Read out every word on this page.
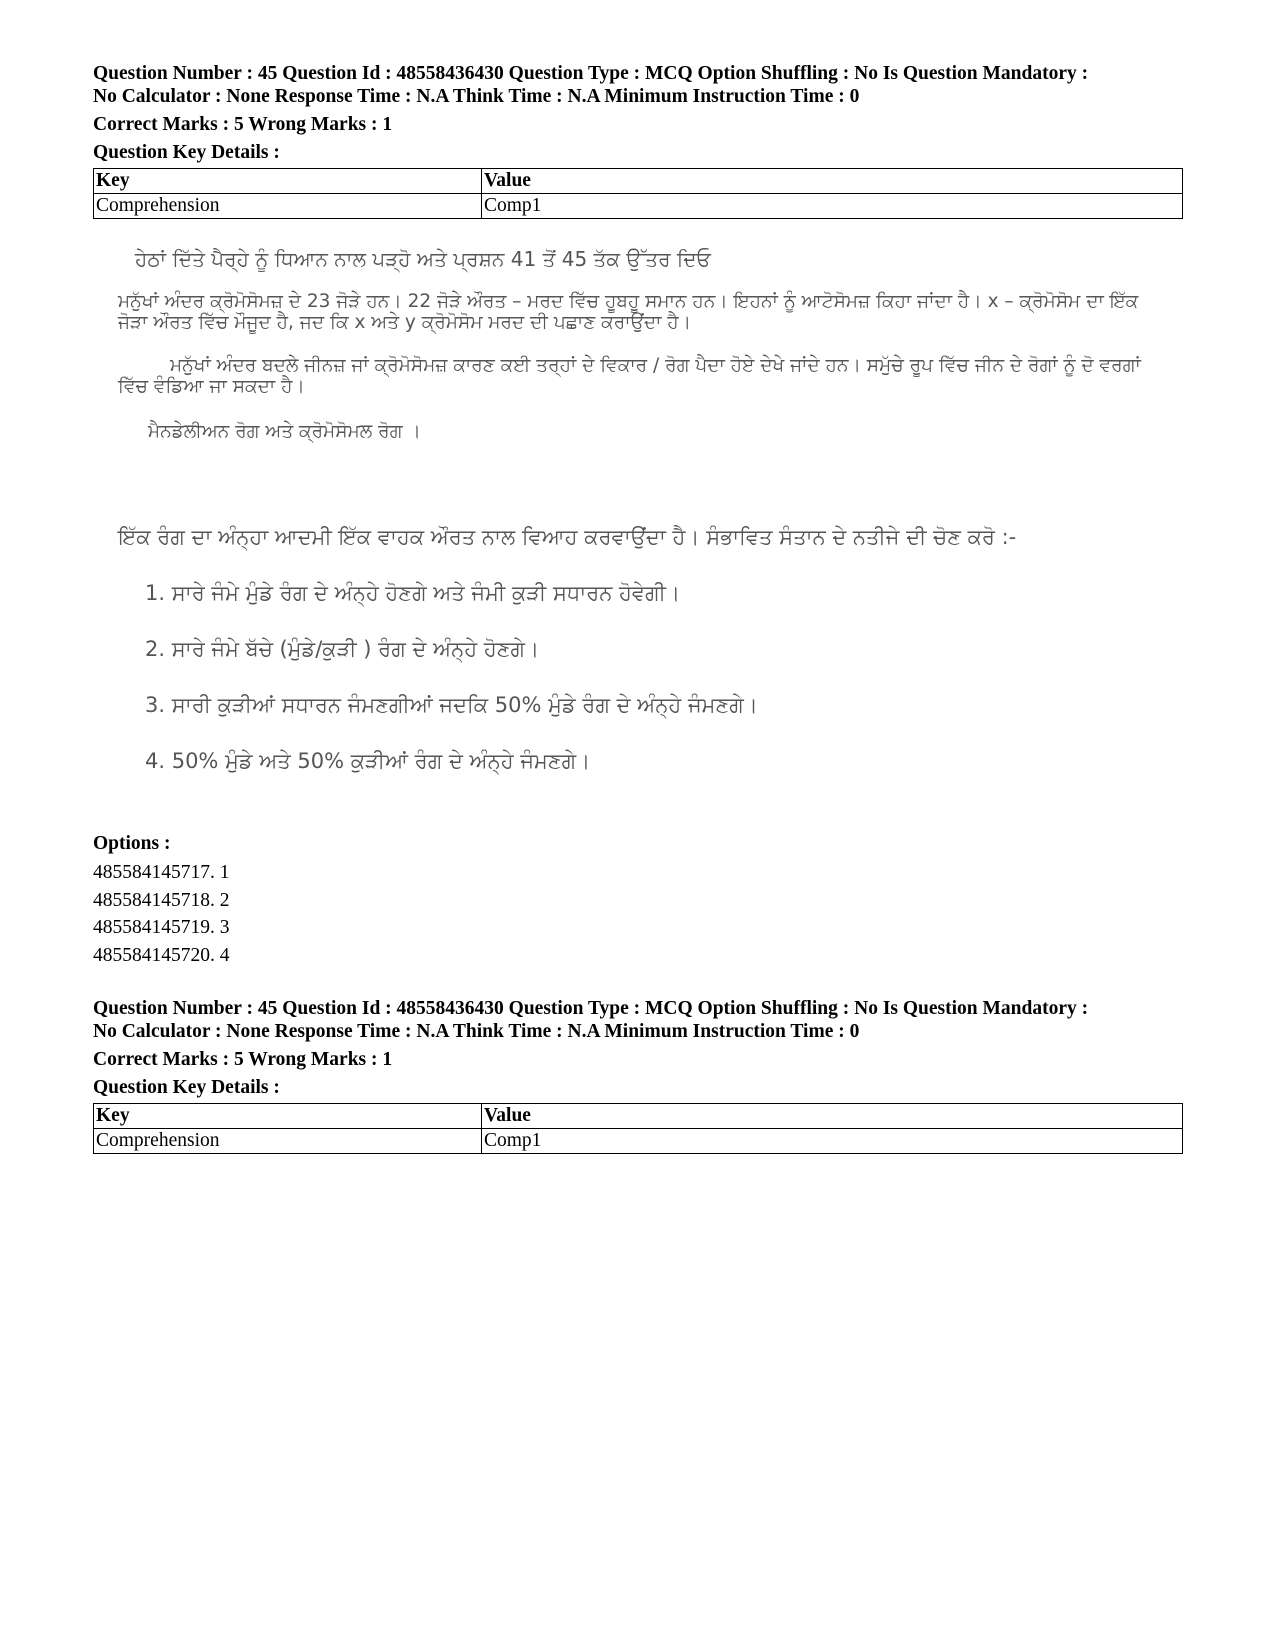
Question Number : 45 Question Id : 48558436430 Question Type : MCQ Option Shuffling : No Is Question Mandatory :
No Calculator : None Response Time : N.A Think Time : N.A Minimum Instruction Time : 0
Correct Marks : 5 Wrong Marks : 1
Question Key Details :
Key	Value
Comprehension	Comp1
ਹੇਠਾਂ ਦਿੱਤੇ ਪੈਰ੍ਹੇ ਨੂੰ ਧਿਆਨ ਨਾਲ ਪੜ੍ਹੋ ਅਤੇ ਪ੍ਰਸ਼ਨ 41 ਤੋਂ 45 ਤੱਕ ਉੱਤਰ ਦਿਓ
ਮਨੁੱਖਾਂ ਅੰਦਰ ਕ੍ਰੋਮੋਸੋਮਜ਼ ਦੇ 23 ਜੋੜੇ ਹਨ। 22 ਜੋੜੇ ਔਰਤ – ਮਰਦ ਵਿੱਚ ਹੂਬਹੂ ਸਮਾਨ ਹਨ। ਇਹਨਾਂ ਨੂੰ ਆਟੋਸੋਮਜ਼ ਕਿਹਾ ਜਾਂਦਾ ਹੈ। x – ਕ੍ਰੋਮੋਸੋਮ ਦਾ ਇੱਕ ਜੋੜਾ ਔਰਤ ਵਿੱਚ ਮੌਜੂਦ ਹੈ, ਜਦ ਕਿ x ਅਤੇ y ਕ੍ਰੋਮੋਸੋਮ ਮਰਦ ਦੀ ਪਛਾਣ ਕਰਾਉਂਦਾ ਹੈ।
ਮਨੁੱਖਾਂ ਅੰਦਰ ਬਦਲੇ ਜੀਨਜ਼ ਜਾਂ ਕ੍ਰੋਮੋਸੋਮਜ਼ ਕਾਰਣ ਕਈ ਤਰ੍ਹਾਂ ਦੇ ਵਿਕਾਰ / ਰੋਗ ਪੈਦਾ ਹੋਏ ਦੇਖੇ ਜਾਂਦੇ ਹਨ। ਸਮੁੱਚੇ ਰੂਪ ਵਿੱਚ ਜੀਨ ਦੇ ਰੋਗਾਂ ਨੂੰ ਦੋ ਵਰਗਾਂ ਵਿੱਚ ਵੰਡਿਆ ਜਾ ਸਕਦਾ ਹੈ।
ਮੈਨਡੇਲੀਅਨ ਰੋਗ ਅਤੇ ਕ੍ਰੋਮੋਸੋਮਲ ਰੋਗ ।
ਇੱਕ ਰੰਗ ਦਾ ਅੰਨ੍ਹਾ ਆਦਮੀ ਇੱਕ ਵਾਹਕ ਔਰਤ ਨਾਲ ਵਿਆਹ ਕਰਵਾਉਂਦਾ ਹੈ। ਸੰਭਾਵਿਤ ਸੰਤਾਨ ਦੇ ਨਤੀਜੇ ਦੀ ਚੋਣ ਕਰੋ :-
1. ਸਾਰੇ ਜੰਮੇ ਮੁੰਡੇ ਰੰਗ ਦੇ ਅੰਨ੍ਹੇ ਹੋਣਗੇ ਅਤੇ ਜੰਮੀ ਕੁੜੀ ਸਧਾਰਨ ਹੋਵੇਗੀ।
2. ਸਾਰੇ ਜੰਮੇ ਬੱਚੇ (ਮੁੰਡੇ/ਕੁੜੀ ) ਰੰਗ ਦੇ ਅੰਨ੍ਹੇ ਹੋਣਗੇ।
3. ਸਾਰੀ ਕੁੜੀਆਂ ਸਧਾਰਨ ਜੰਮਣਗੀਆਂ ਜਦਕਿ 50% ਮੁੰਡੇ ਰੰਗ ਦੇ ਅੰਨ੍ਹੇ ਜੰਮਣਗੇ।
4. 50% ਮੁੰਡੇ ਅਤੇ 50% ਕੁੜੀਆਂ ਰੰਗ ਦੇ ਅੰਨ੍ਹੇ ਜੰਮਣਗੇ।
Options :
485584145717. 1
485584145718. 2
485584145719. 3
485584145720. 4
Question Number : 45 Question Id : 48558436430 Question Type : MCQ Option Shuffling : No Is Question Mandatory :
No Calculator : None Response Time : N.A Think Time : N.A Minimum Instruction Time : 0
Correct Marks : 5 Wrong Marks : 1
Question Key Details :
Key	Value
Comprehension	Comp1
